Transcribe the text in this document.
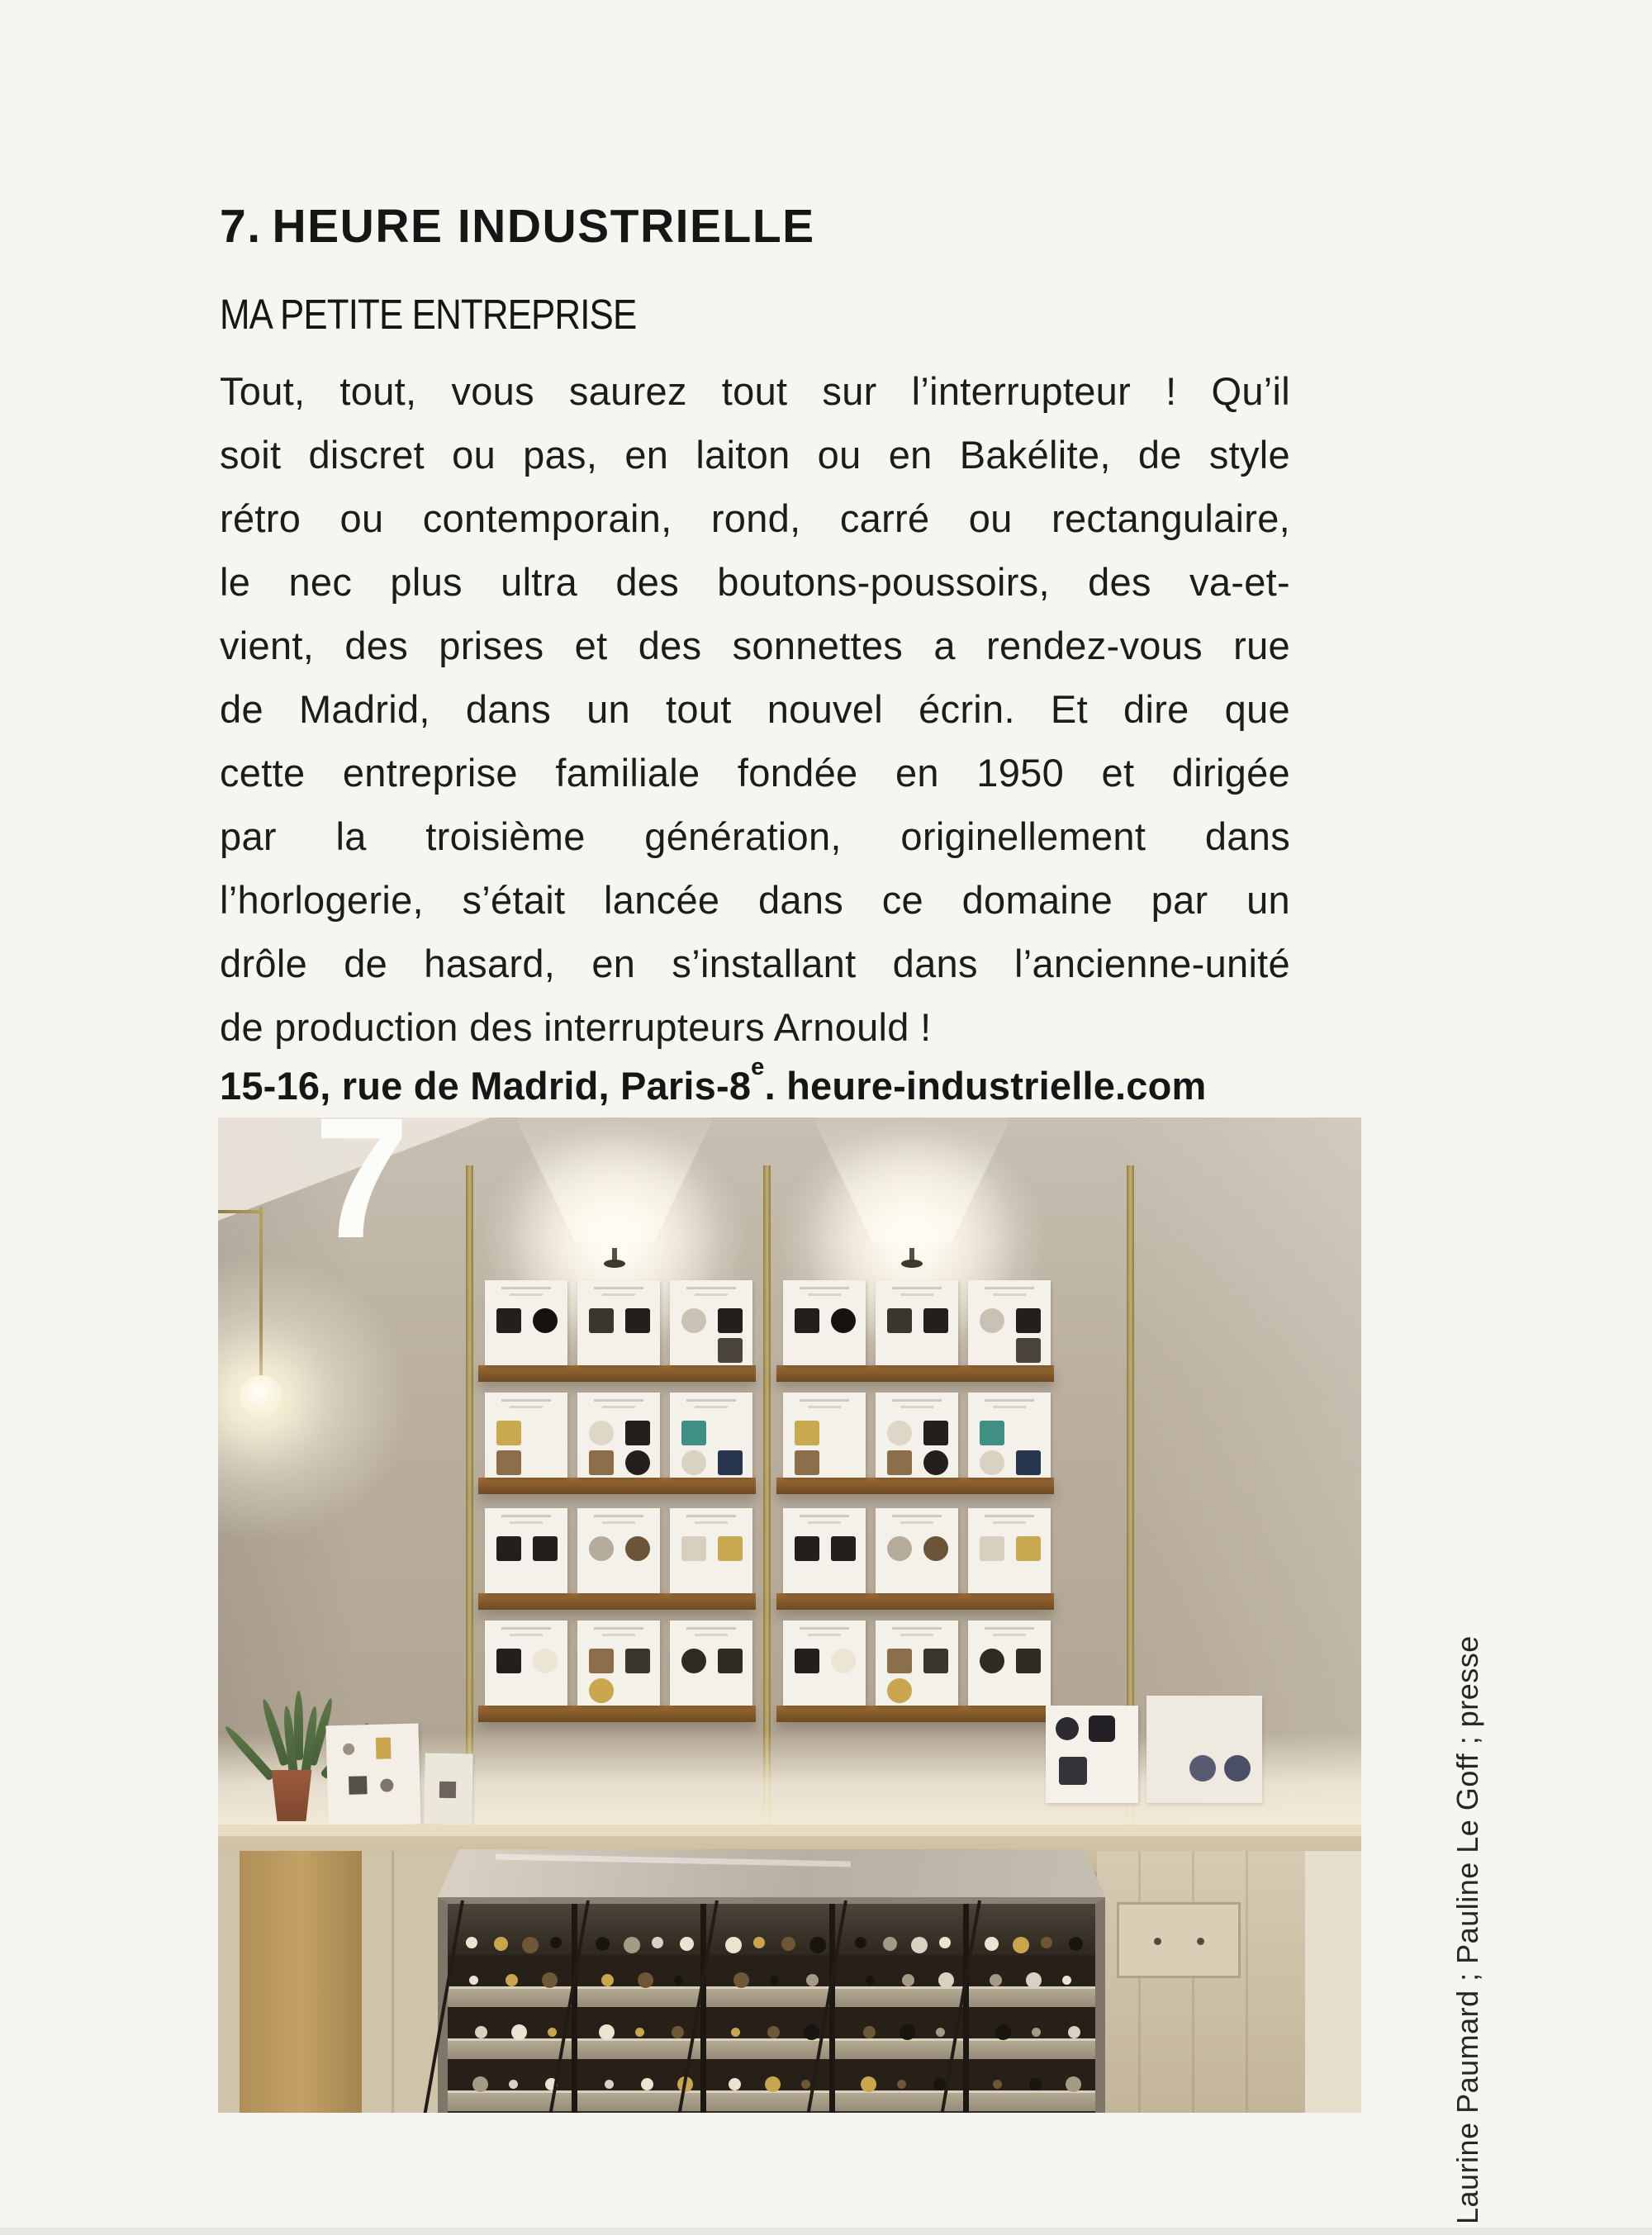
7.  HEURE INDUSTRIELLE
MA PETITE ENTREPRISE
Tout, tout, vous saurez tout sur l’interrupteur ! Qu’il
soit discret ou pas, en laiton ou en Bakélite, de style
rétro ou contemporain, rond, carré ou rectangulaire,
le nec plus ultra des boutons-poussoirs, des va-et-
vient, des prises et des sonnettes a rendez-vous rue
de Madrid, dans un tout nouvel écrin. Et dire que
cette entreprise familiale fondée en 1950 et dirigée
par la troisième génération, originellement dans
l’horlogerie, s’était lancée dans ce domaine par un
drôle de hasard, en s’installant dans l’ancienne-unité
de production des interrupteurs Arnould !

15-16, rue de Madrid, Paris-8e. heure-industrielle.com

7
Laurine Paumard ; Pauline Le Goff ; presse
